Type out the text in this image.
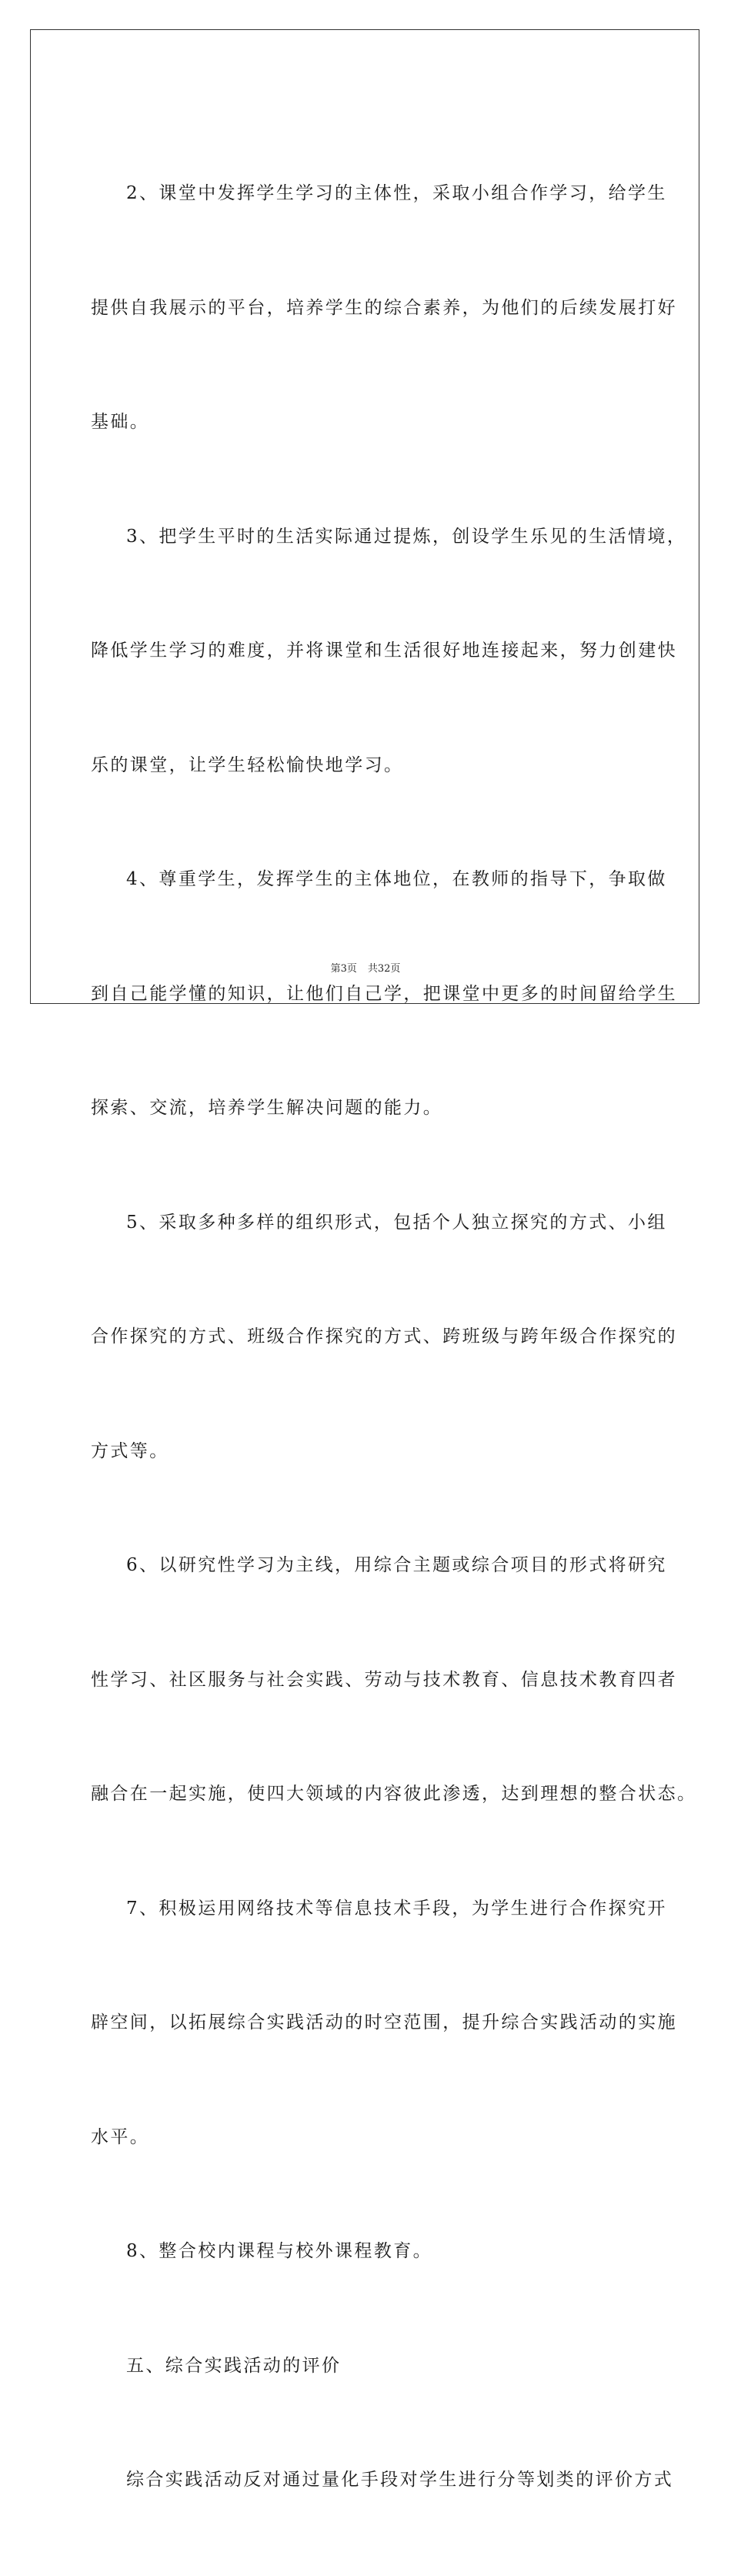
2、课堂中发挥学生学习的主体性，采取小组合作学习，给学生

提供自我展示的平台，培养学生的综合素养，为他们的后续发展打好

基础。

3、把学生平时的生活实际通过提炼，创设学生乐见的生活情境，

降低学生学习的难度，并将课堂和生活很好地连接起来，努力创建快

乐的课堂，让学生轻松愉快地学习。

4、尊重学生，发挥学生的主体地位，在教师的指导下，争取做

到自己能学懂的知识，让他们自己学，把课堂中更多的时间留给学生

探索、交流，培养学生解决问题的能力。

5、采取多种多样的组织形式，包括个人独立探究的方式、小组

合作探究的方式、班级合作探究的方式、跨班级与跨年级合作探究的

方式等。

6、以研究性学习为主线，用综合主题或综合项目的形式将研究

性学习、社区服务与社会实践、劳动与技术教育、信息技术教育四者

融合在一起实施，使四大领域的内容彼此渗透，达到理想的整合状态。

7、积极运用网络技术等信息技术手段，为学生进行合作探究开

辟空间，以拓展综合实践活动的时空范围，提升综合实践活动的实施

水平。

8、整合校内课程与校外课程教育。

五、综合实践活动的评价

综合实践活动反对通过量化手段对学生进行分等划类的评价方式

第3页 共32页
